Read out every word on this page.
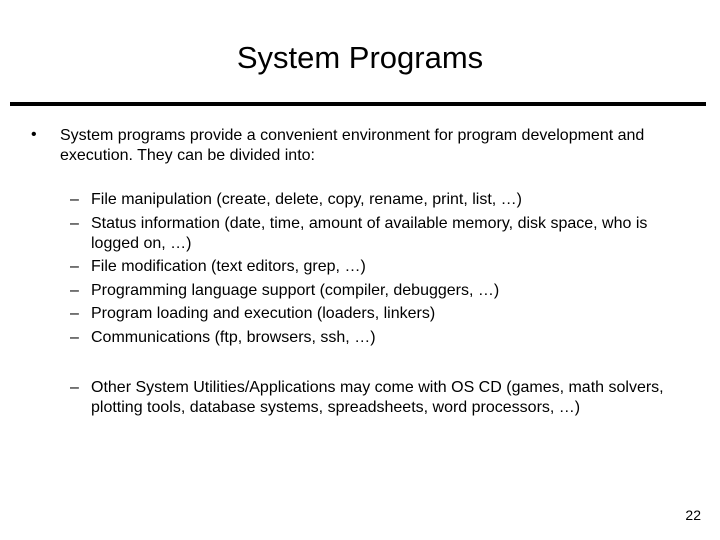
System Programs
• System programs provide a convenient environment for program development and execution. They can be divided into:
– File manipulation (create, delete, copy, rename, print, list, …)
– Status information (date, time, amount of available memory, disk space, who is logged on, …)
– File modification (text editors, grep, …)
– Programming language support (compiler, debuggers, …)
– Program loading and execution (loaders, linkers)
– Communications (ftp, browsers, ssh, …)
– Other System Utilities/Applications may come with OS CD (games, math solvers, plotting tools, database systems, spreadsheets, word processors, …)
22
